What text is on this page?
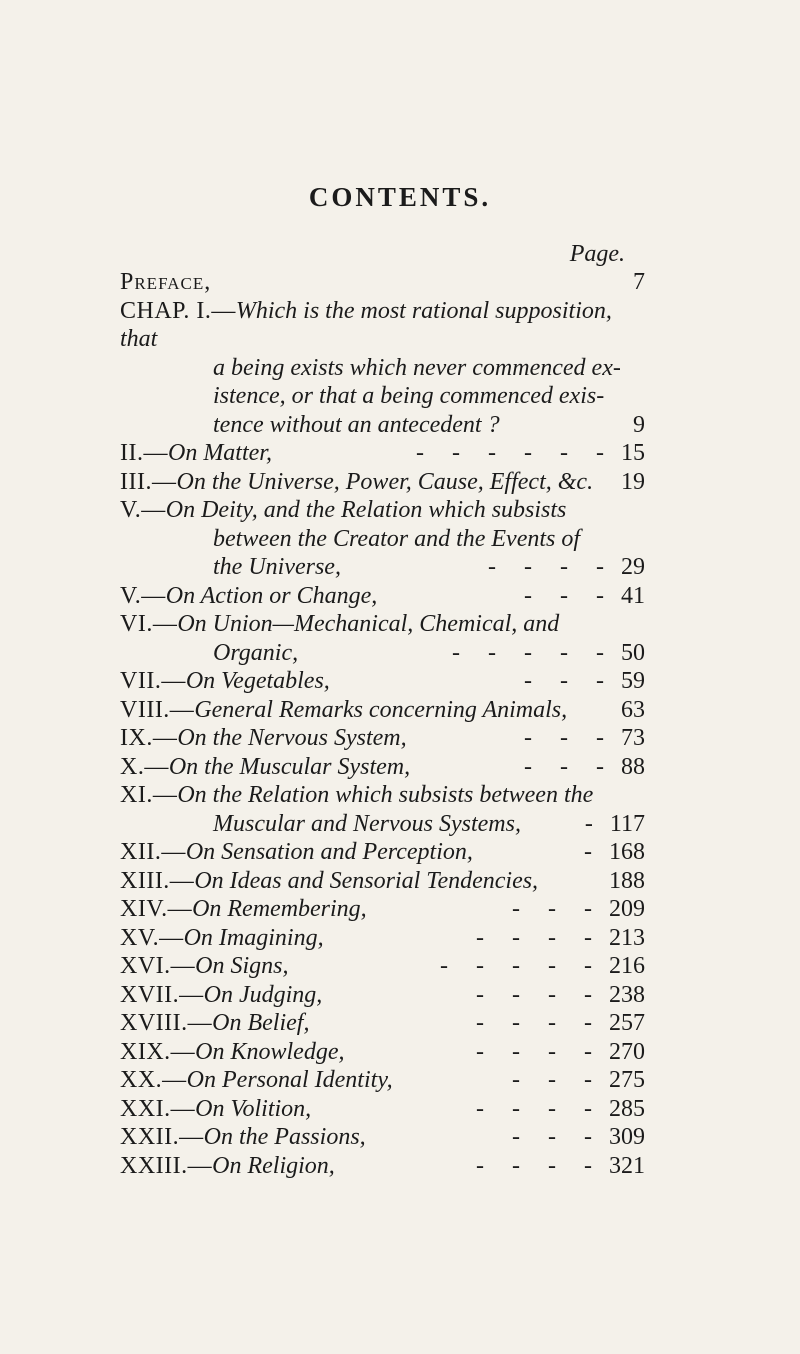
CONTENTS.
Page.
Preface,	7
CHAP. I.—Which is the most rational supposition, that
a being exists which never commenced ex-
istence, or that a being commenced exis-
tence without an antecedent ?	9
II.—On Matter,	- - - - - - 15
III.—On the Universe, Power, Cause, Effect, &c. 19
V.—On Deity, and the Relation which subsists
between the Creator and the Events of
the Universe,	- - - - 29
V.—On Action or Change,	- - - 41
VI.—On Union—Mechanical, Chemical, and
Organic,	- - - - - 50
VII.—On Vegetables,	- - - 59
VIII.—General Remarks concerning Animals, 63
IX.—On the Nervous System,	- - - 73
X.—On the Muscular System,	- - - 88
XI.—On the Relation which subsists between the
Muscular and Nervous Systems,	- 117
XII.—On Sensation and Perception,	- 168
XIII.—On Ideas and Sensorial Tendencies,	188
XIV.—On Remembering,	- - - 209
XV.—On Imagining,	- - - - 213
XVI.—On Signs,	- - - - - 216
XVII.—On Judging,	- - - - 238
XVIII.—On Belief,	- - - - 257
XIX.—On Knowledge,	- - - - 270
XX.—On Personal Identity,	- - - 275
XXI.—On Volition,	- - - - 285
XXII.—On the Passions,	- - - 309
XXIII.—On Religion,	- - - - 321
